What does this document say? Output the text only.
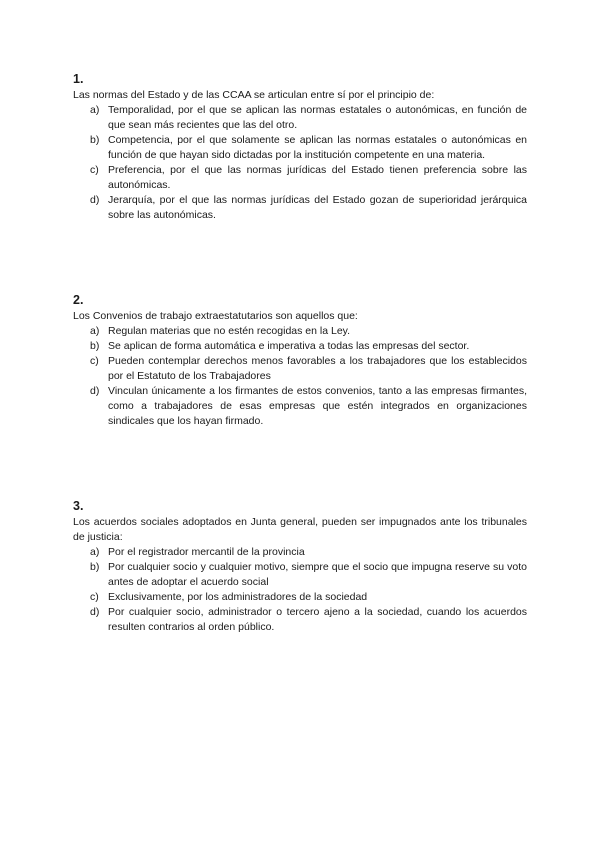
1.

Las normas del Estado y de las CCAA se articulan entre sí por el principio de:

a) Temporalidad, por el que se aplican las normas estatales o autonómicas, en función de que sean más recientes que las del otro.
b) Competencia, por el que solamente se aplican las normas estatales o autonómicas en función de que hayan sido dictadas por la institución competente en una materia.
c) Preferencia, por el que las normas jurídicas del Estado tienen preferencia sobre las autonómicas.
d) Jerarquía, por el que las normas jurídicas del Estado gozan de superioridad jerárquica sobre las autonómicas.
2.

Los Convenios de trabajo extraestatutarios son aquellos que:

a) Regulan materias que no estén recogidas en la Ley.
b) Se aplican de forma automática e imperativa a todas las empresas del sector.
c) Pueden contemplar derechos menos favorables a los trabajadores que los establecidos por el Estatuto de los Trabajadores
d) Vinculan únicamente a los firmantes de estos convenios, tanto a las empresas firmantes, como a trabajadores de esas empresas que estén integrados en organizaciones sindicales que los hayan firmado.
3.

Los acuerdos sociales adoptados en Junta general, pueden ser impugnados ante los tribunales de justicia:

a) Por el registrador mercantil de la provincia
b) Por cualquier socio y cualquier motivo, siempre que el socio que impugna reserve su voto antes de adoptar el acuerdo social
c) Exclusivamente, por los administradores de la sociedad
d) Por cualquier socio, administrador o tercero ajeno a la sociedad, cuando los acuerdos resulten contrarios al orden público.
